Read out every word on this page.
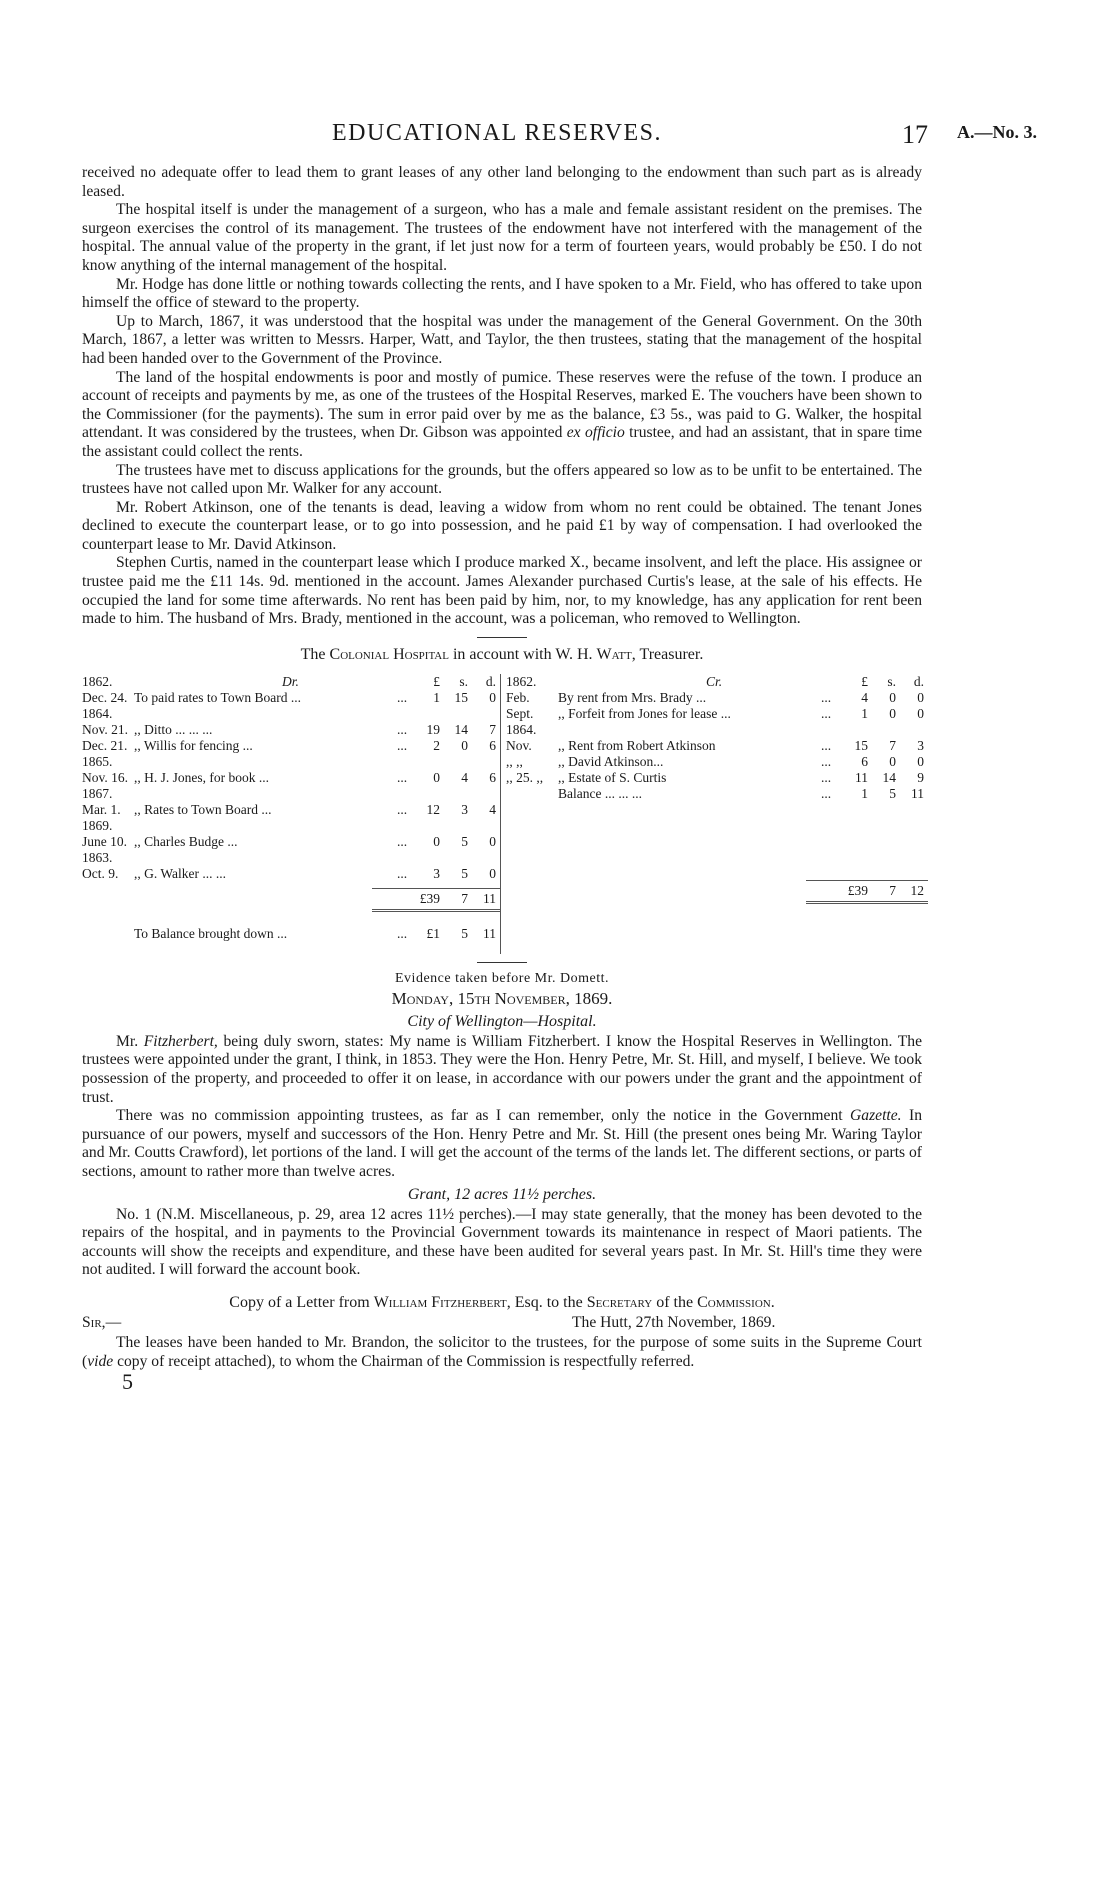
EDUCATIONAL RESERVES.	17 A.—No. 3.

received no adequate offer to lead them to grant leases of any other land belonging to the endowment than such part as is already leased.

The hospital itself is under the management of a surgeon, who has a male and female assistant resident on the premises. The surgeon exercises the control of its management. The trustees of the endowment have not interfered with the management of the hospital. The annual value of the property in the grant, if let just now for a term of fourteen years, would probably be £50. I do not know anything of the internal management of the hospital.

Mr. Hodge has done little or nothing towards collecting the rents, and I have spoken to a Mr. Field, who has offered to take upon himself the office of steward to the property.

Up to March, 1867, it was understood that the hospital was under the management of the General Government. On the 30th March, 1867, a letter was written to Messrs. Harper, Watt, and Taylor, the then trustees, stating that the management of the hospital had been handed over to the Government of the Province.

The land of the hospital endowments is poor and mostly of pumice. These reserves were the refuse of the town. I produce an account of receipts and payments by me, as one of the trustees of the Hospital Reserves, marked E. The vouchers have been shown to the Commissioner (for the payments). The sum in error paid over by me as the balance, £3 5s., was paid to G. Walker, the hospital attendant. It was considered by the trustees, when Dr. Gibson was appointed ex officio trustee, and had an assistant, that in spare time the assistant could collect the rents.

The trustees have met to discuss applications for the grounds, but the offers appeared so low as to be unfit to be entertained. The trustees have not called upon Mr. Walker for any account.

Mr. Robert Atkinson, one of the tenants is dead, leaving a widow from whom no rent could be obtained. The tenant Jones declined to execute the counterpart lease, or to go into possession, and he paid £1 by way of compensation. I had overlooked the counterpart lease to Mr. David Atkinson.

Stephen Curtis, named in the counterpart lease which I produce marked X., became insolvent, and left the place. His assignee or trustee paid me the £11 14s. 9d. mentioned in the account. James Alexander purchased Curtis's lease, at the sale of his effects. He occupied the land for some time afterwards. No rent has been paid by him, nor, to my knowledge, has any application for rent been made to him. The husband of Mrs. Brady, mentioned in the account, was a policeman, who removed to Wellington.

The Colonial Hospital in account with W. H. Watt, Treasurer.
1862.	Dr.	£ s. d.
Dec. 24. To paid rates to Town Board ...	... 1 15 0
1864.
Nov. 21. ,, Ditto ... ... ...	... 19 14 7
Dec. 21. ,, Willis for fencing ...	... 2 0 6
1865.
Nov. 16. ,, H. J. Jones, for book ...	... 0 4 6
1867.
Mar. 1. ,, Rates to Town Board ...	... 12 3 4
1869.
June 10. ,, Charles Budge ...	... 0 5 0
1863.
Oct. 9. ,, G. Walker ... ...	... 3 5 0
£39 7 11
To Balance brought down ...	... £1 5 11
1862.	Cr.	£ s. d.
Feb. By rent from Mrs. Brady ...	... 4 0 0
Sept. ,, Forfeit from Jones for lease ...	... 1 0 0
1864.
Nov. ,, Rent from Robert Atkinson	... 15 7 3
,, ,,	,, David Atkinson...	... 6 0 0
,, 25. ,, ,, Estate of S. Curtis	... 11 14 9
Balance ... ... ...	... 1 5 11
£39 7 12
Evidence taken before Mr. Domett.
Monday, 15th November, 1869.
City of Wellington—Hospital.

Mr. Fitzherbert, being duly sworn, states: My name is William Fitzherbert. I know the Hospital Reserves in Wellington. The trustees were appointed under the grant, I think, in 1853. They were the Hon. Henry Petre, Mr. St. Hill, and myself, I believe. We took possession of the property, and proceeded to offer it on lease, in accordance with our powers under the grant and the appointment of trust.

There was no commission appointing trustees, as far as I can remember, only the notice in the Government Gazette. In pursuance of our powers, myself and successors of the Hon. Henry Petre and Mr. St. Hill (the present ones being Mr. Waring Taylor and Mr. Coutts Crawford), let portions of the land. I will get the account of the terms of the lands let. The different sections, or parts of sections, amount to rather more than twelve acres.

Grant, 12 acres 11½ perches.

No. 1 (N.M. Miscellaneous, p. 29, area 12 acres 11½ perches).—I may state generally, that the money has been devoted to the repairs of the hospital, and in payments to the Provincial Government towards its maintenance in respect of Maori patients. The accounts will show the receipts and expenditure, and these have been audited for several years past. In Mr. St. Hill's time they were not audited. I will forward the account book.

Copy of a Letter from William Fitzherbert, Esq. to the Secretary of the Commission.
Sir,—	The Hutt, 27th November, 1869.

The leases have been handed to Mr. Brandon, the solicitor to the trustees, for the purpose of some suits in the Supreme Court (vide copy of receipt attached), to whom the Chairman of the Commission is respectfully referred.

5
